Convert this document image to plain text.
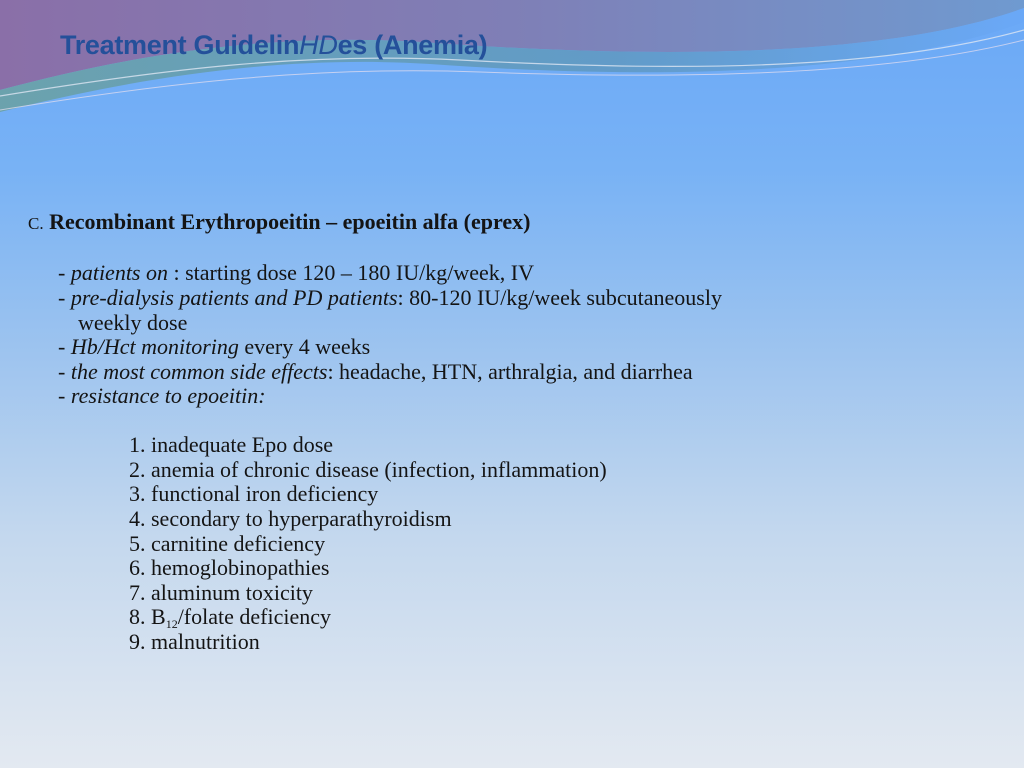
Treatment GuidelinHDes (Anemia)
C. Recombinant Erythropoeitin – epoeitin alfa (eprex)
- patients on : starting dose 120 – 180 IU/kg/week, IV
- pre-dialysis patients and PD patients: 80-120 IU/kg/week subcutaneously
weekly dose
- Hb/Hct monitoring every 4 weeks
- the most common side effects: headache, HTN, arthralgia, and diarrhea
- resistance to epoeitin:
1. inadequate Epo dose
2. anemia of chronic disease (infection, inflammation)
3. functional iron deficiency
4. secondary to hyperparathyroidism
5. carnitine deficiency
6. hemoglobinopathies
7. aluminum toxicity
8. $B_{12}$/folate deficiency
9. malnutrition
